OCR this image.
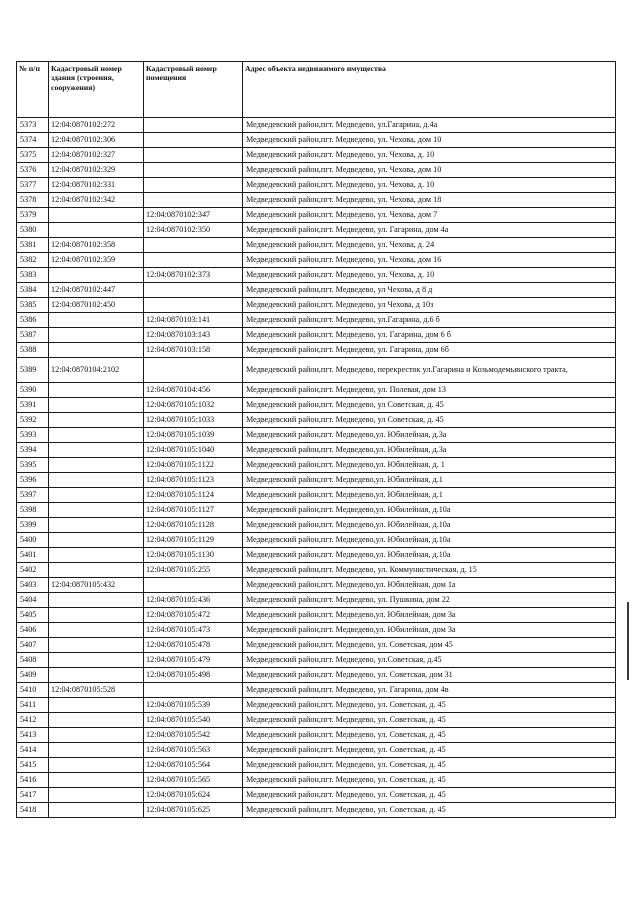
№ п/п	Кадастровый номер здания (строения, сооружения)	Кадастровый номер помещения	Адрес объекта недвижимого имущества
5373	12:04:0870102:272		Медведевский район,пгт. Медведево, ул.Гагарина, д.4а
5374	12:04:0870102:306		Медведевский район,пгт. Медведево, ул. Чехова, дом 10
5375	12:04:0870102:327		Медведевский район,пгт. Медведево, ул. Чехова, д. 10
5376	12:04:0870102:329		Медведевский район,пгт. Медведево, ул. Чехова, дом 10
5377	12:04:0870102:331		Медведевский район,пгт. Медведево, ул. Чехова, д. 10
5378	12:04:0870102:342		Медведевский район,пгт. Медведево, ул. Чехова, дом 18
5379		12:04:0870102:347	Медведевский район,пгт. Медведево, ул. Чехова, дом 7
5380		12:04:0870102:350	Медведевский район,пгт. Медведево, ул. Гагарина, дом 4а
5381	12:04:0870102:358		Медведевский район,пгт. Медведево, ул. Чехова, д. 24
5382	12:04:0870102:359		Медведевский район,пгт. Медведево, ул. Чехова, дом 16
5383		12:04:0870102:373	Медведевский район,пгт. Медведево, ул. Чехова, д. 10
5384	12:04:0870102:447		Медведевский район,пгт. Медведево, ул Чехова, д 8 д
5385	12:04:0870102:450		Медведевский район,пгт. Медведево, ул Чехова, д 10з
5386		12:04:0870103:141	Медведевский район,пгт. Медведево, ул.Гагарина, д.6 б
5387		12:04:0870103:143	Медведевский район,пгт. Медведево, ул. Гагарина, дом 6 б
5388		12:04:0870103:158	Медведевский район,пгт. Медведево, ул. Гагарина, дом 6б
5389	12:04:0870104:2102		Медведевский район,пгт. Медведево, перекресток ул.Гагарина и Козьмодемьянского тракта,
5390		12:04:0870104:456	Медведевский район,пгт. Медведево, ул. Полевая, дом 13
5391		12:04:0870105:1032	Медведевский район,пгт. Медведево, ул Советская, д. 45
5392		12:04:0870105:1033	Медведевский район,пгт. Медведево, ул Советская, д. 45
5393		12:04:0870105:1039	Медведевский район,пгт. Медведево,ул. Юбилейная, д.3а
5394		12:04:0870105:1040	Медведевский район,пгт. Медведево,ул. Юбилейная, д.3а
5395		12:04:0870105:1122	Медведевский район,пгт. Медведево,ул. Юбилейная, д. 1
5396		12:04:0870105:1123	Медведевский район,пгт. Медведево,ул. Юбилейная, д.1
5397		12:04:0870105:1124	Медведевский район,пгт. Медведево,ул. Юбилейная, д.1
5398		12:04:0870105:1127	Медведевский район,пгт. Медведево,ул. Юбилейная, д.10а
5399		12:04:0870105:1128	Медведевский район,пгт. Медведево,ул. Юбилейная, д.10а
5400		12:04:0870105:1129	Медведевский район,пгт. Медведево,ул. Юбилейная, д.10а
5401		12:04:0870105:1130	Медведевский район,пгт. Медведево,ул. Юбилейная, д.10а
5402		12:04:0870105:255	Медведевский район,пгт. Медведево, ул. Коммунистическая, д. 15
5403	12:04:0870105:432		Медведевский район,пгт. Медведево,ул. Юбилейная, дом 1а
5404		12:04:0870105:436	Медведевский район,пгт. Медведево, ул. Пушкина, дом 22
5405		12:04:0870105:472	Медведевский район,пгт. Медведево,ул. Юбилейная, дом 3а
5406		12:04:0870105:473	Медведевский район,пгт. Медведево,ул. Юбилейная, дом 3а
5407		12:04:0870105:478	Медведевский район,пгт. Медведево, ул. Советская, дом 45
5408		12:04:0870105:479	Медведевский район,пгт. Медведево, ул.Советская, д.45
5409		12:04:0870105:498	Медведевский район,пгт. Медведево, ул. Советская, дом 31
5410	12:04:0870105:528		Медведевский район,пгт. Медведево, ул. Гагарина, дом 4в
5411		12:04:0870105:539	Медведевский район,пгт. Медведево, ул. Советская, д. 45
5412		12:04:0870105:540	Медведевский район,пгт. Медведево, ул. Советская, д. 45
5413		12:04:0870105:542	Медведевский район,пгт. Медведево, ул. Советская, д. 45
5414		12:04:0870105:563	Медведевский район,пгт. Медведево, ул. Советская, д. 45
5415		12:04:0870105:564	Медведевский район,пгт. Медведево, ул. Советская, д. 45
5416		12:04:0870105:565	Медведевский район,пгт. Медведево, ул. Советская, д. 45
5417		12:04:0870105:624	Медведевский район,пгт. Медведево, ул. Советская, д. 45
5418		12:04:0870105:625	Медведевский район,пгт. Медведево, ул. Советская, д. 45
